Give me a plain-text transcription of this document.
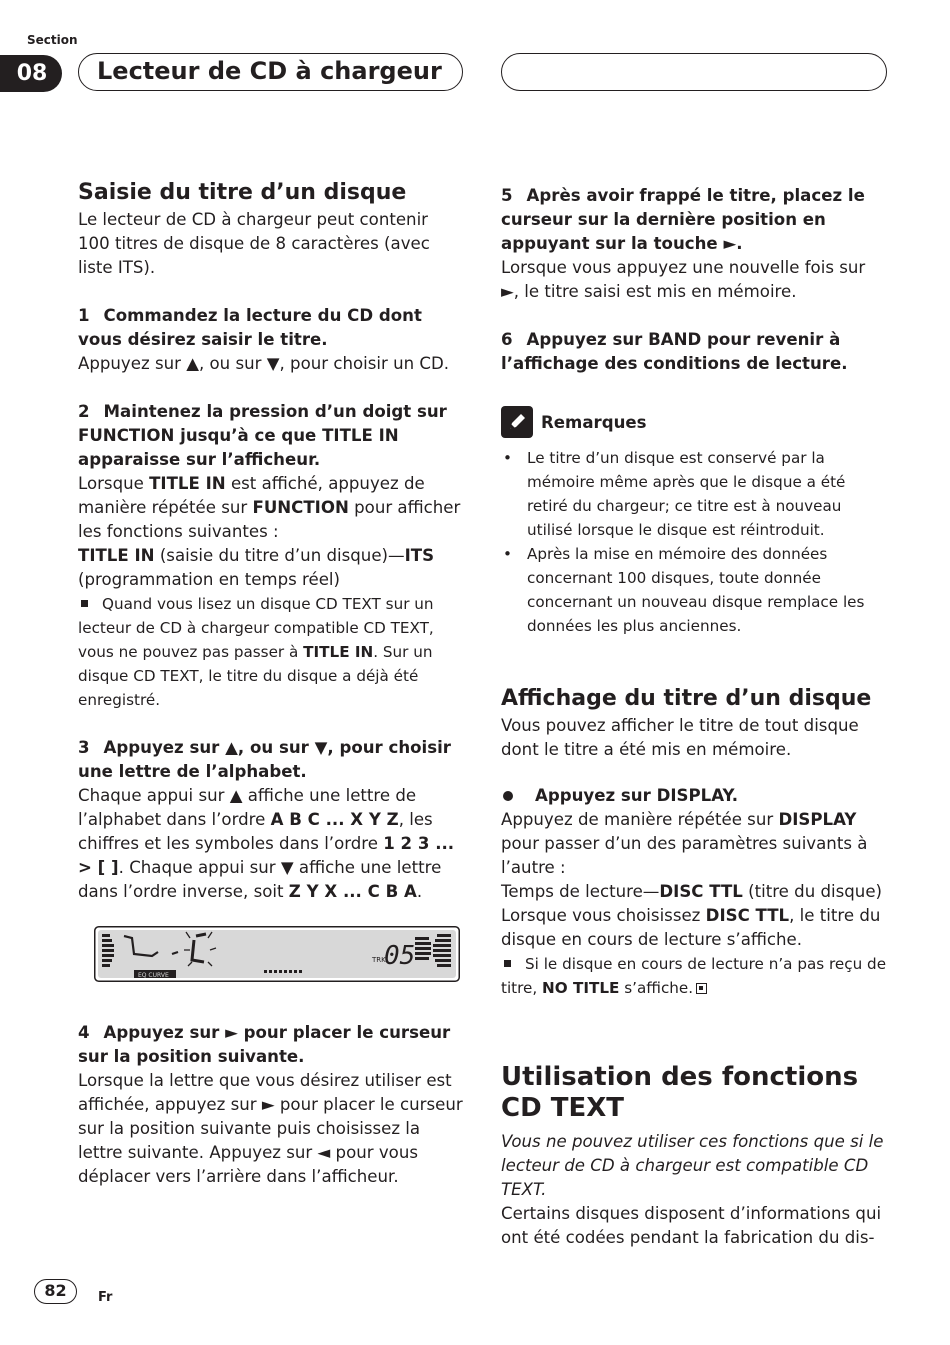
Section
08	Lecteur de CD à chargeur
Saisie du titre d’un disque

Le lecteur de CD à chargeur peut contenir 100 titres de disque de 8 caractères (avec liste ITS).

1 Commandez la lecture du CD dont vous désirez saisir le titre.

Appuyez sur ▲, ou sur ▼, pour choisir un CD.

2 Maintenez la pression d’un doigt sur FUNCTION jusqu’à ce que TITLE IN apparaisse sur l’afficheur.

Lorsque TITLE IN est affiché, appuyez de manière répétée sur FUNCTION pour afficher les fonctions suivantes :

TITLE IN (saisie du titre d’un disque)—ITS (programmation en temps réel)

Quand vous lisez un disque CD TEXT sur un lecteur de CD à chargeur compatible CD TEXT, vous ne pouvez pas passer à TITLE IN. Sur un disque CD TEXT, le titre du disque a déjà été enregistré.

3 Appuyez sur ▲, ou sur ▼, pour choisir une lettre de l’alphabet.

Chaque appui sur ▲ affiche une lettre de l’alphabet dans l’ordre A B C ... X Y Z, les chiffres et les symboles dans l’ordre 1 2 3 ... > [ ]. Chaque appui sur ▼ affiche une lettre dans l’ordre inverse, soit Z Y X ... C B A.

TRK
05
EQ CURVE

4 Appuyez sur ► pour placer le curseur sur la position suivante.

Lorsque la lettre que vous désirez utiliser est affichée, appuyez sur ► pour placer le curseur sur la position suivante puis choisissez la lettre suivante. Appuyez sur ◄ pour vous déplacer vers l’arrière dans l’afficheur.

5 Après avoir frappé le titre, placez le curseur sur la dernière position en appuyant sur la touche ►.

Lorsque vous appuyez une nouvelle fois sur ►, le titre saisi est mis en mémoire.

6 Appuyez sur BAND pour revenir à l’affichage des conditions de lecture.

Remarques
• Le titre d’un disque est conservé par la mémoire même après que le disque a été retiré du chargeur; ce titre est à nouveau utilisé lorsque le disque est réintroduit.
• Après la mise en mémoire des données concernant 100 disques, toute donnée concernant un nouveau disque remplace les données les plus anciennes.
Affichage du titre d’un disque

Vous pouvez afficher le titre de tout disque dont le titre a été mis en mémoire.

Appuyez sur DISPLAY.

Appuyez de manière répétée sur DISPLAY pour passer d’un des paramètres suivants à l’autre :

Temps de lecture—DISC TTL (titre du disque)

Lorsque vous choisissez DISC TTL, le titre du disque en cours de lecture s’affiche.

Si le disque en cours de lecture n’a pas reçu de titre, NO TITLE s’affiche.

Utilisation des fonctions CD TEXT

Vous ne pouvez utiliser ces fonctions que si le lecteur de CD à chargeur est compatible CD TEXT.

Certains disques disposent d’informations qui ont été codées pendant la fabrication du dis-

82	Fr
